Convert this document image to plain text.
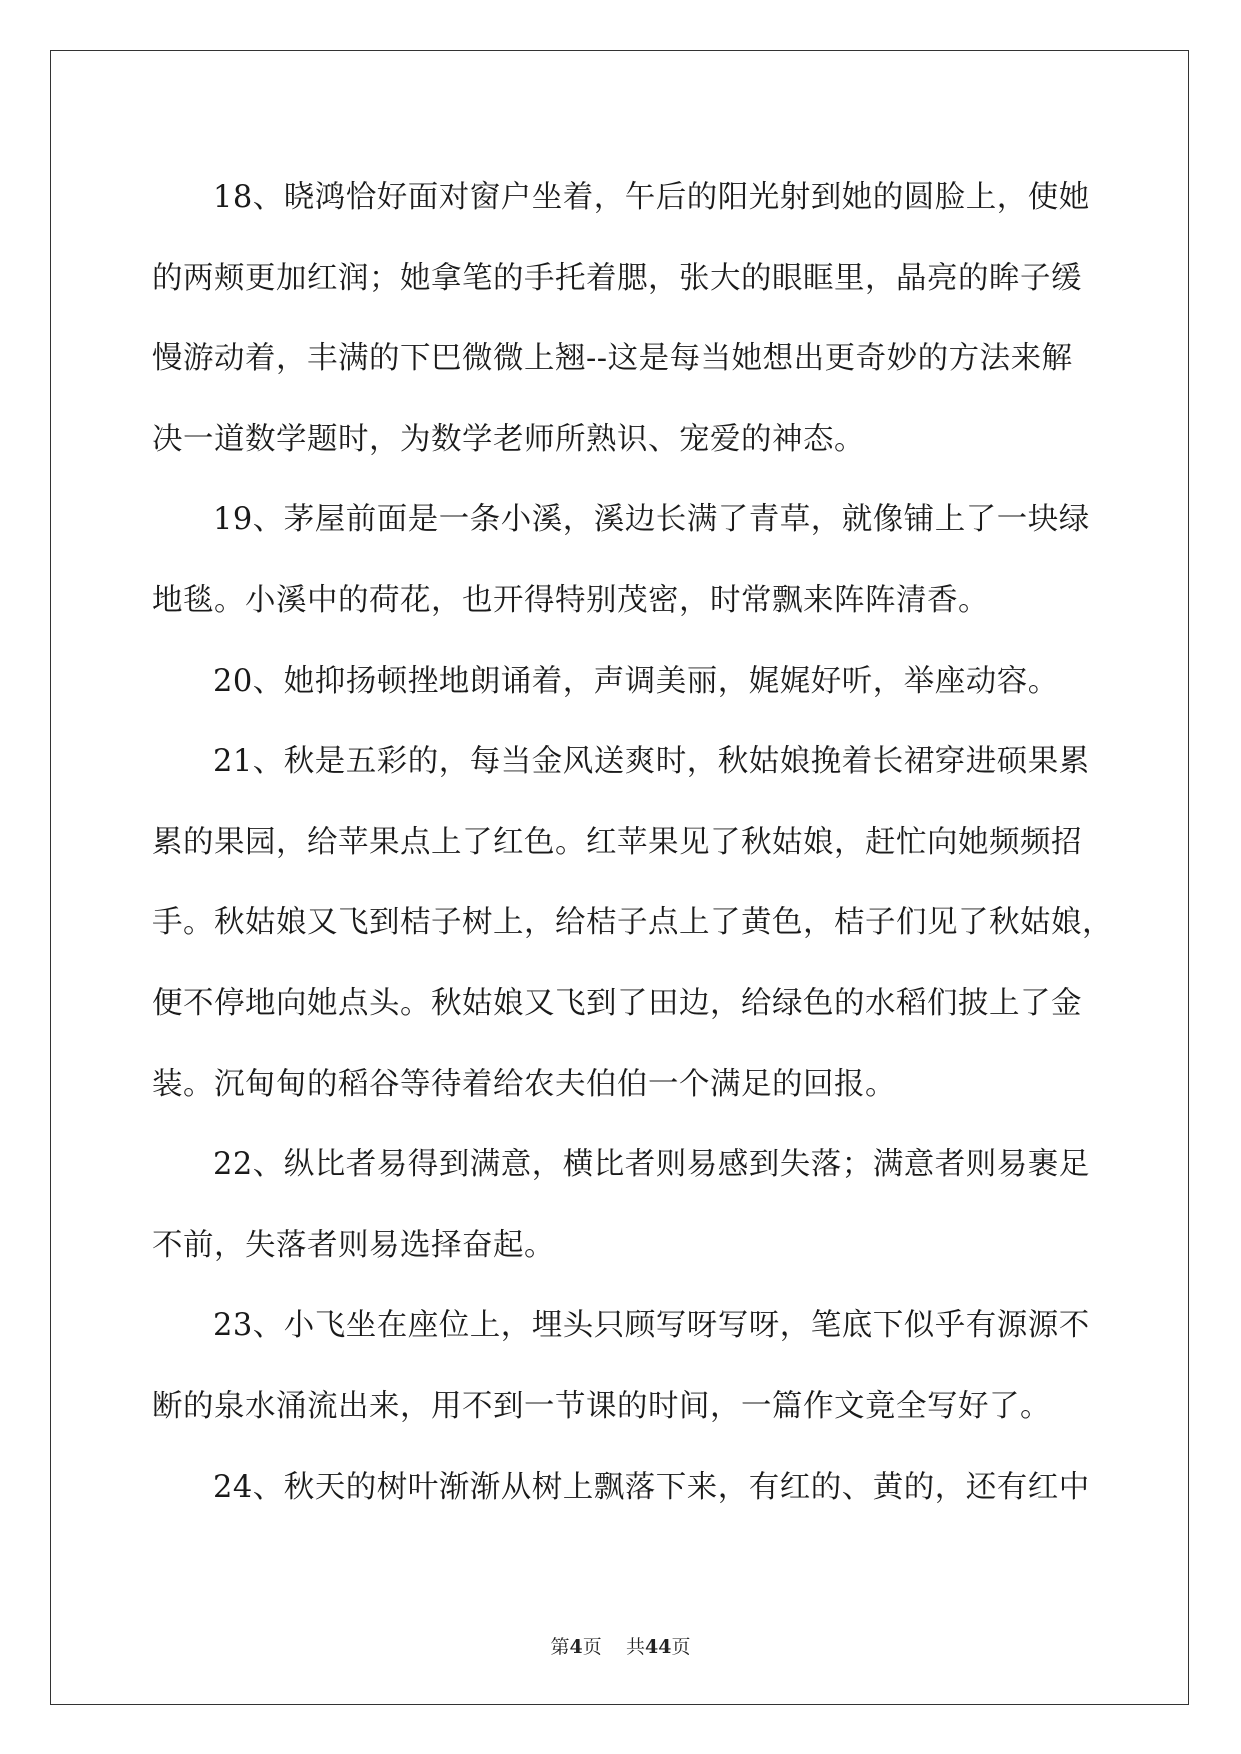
18、晓鸿恰好面对窗户坐着，午后的阳光射到她的圆脸上，使她
的两颊更加红润；她拿笔的手托着腮，张大的眼眶里，晶亮的眸子缓
慢游动着，丰满的下巴微微上翘--这是每当她想出更奇妙的方法来解
决一道数学题时，为数学老师所熟识、宠爱的神态。

19、茅屋前面是一条小溪，溪边长满了青草，就像铺上了一块绿
地毯。小溪中的荷花，也开得特别茂密，时常飘来阵阵清香。

20、她抑扬顿挫地朗诵着，声调美丽，娓娓好听，举座动容。

21、秋是五彩的，每当金风送爽时，秋姑娘挽着长裙穿进硕果累
累的果园，给苹果点上了红色。红苹果见了秋姑娘，赶忙向她频频招
手。秋姑娘又飞到桔子树上，给桔子点上了黄色，桔子们见了秋姑娘，
便不停地向她点头。秋姑娘又飞到了田边，给绿色的水稻们披上了金
装。沉甸甸的稻谷等待着给农夫伯伯一个满足的回报。

22、纵比者易得到满意，横比者则易感到失落；满意者则易裹足
不前，失落者则易选择奋起。

23、小飞坐在座位上，埋头只顾写呀写呀，笔底下似乎有源源不
断的泉水涌流出来，用不到一节课的时间，一篇作文竟全写好了。

24、秋天的树叶渐渐从树上飘落下来，有红的、黄的，还有红中

第4页 共44页
